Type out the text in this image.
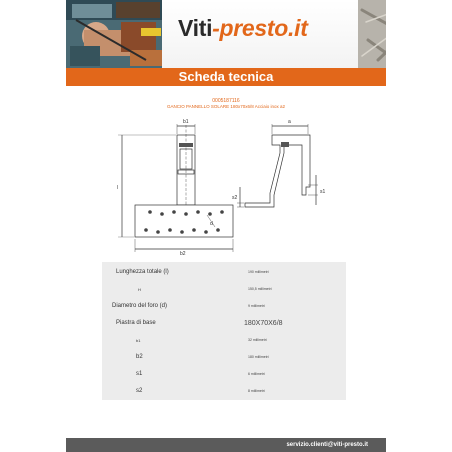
Viti-presto.it
Scheda tecnica
0005187116
GANCIO PANNELLO SOLARE 180x70x6/8 Acciaio inox a2
b1	a
l
s2
d
b2
s1
Lunghezza totale (l)	190 millimetri
H	150,5 millimetri
Diametro del foro (d)	9 millimetri
Piastra di base	180X70X6/8
b1	32 millimetri
b2	180 millimetri
s1	6 millimetri
s2	8 millimetri
servizio.clienti@viti-presto.it
